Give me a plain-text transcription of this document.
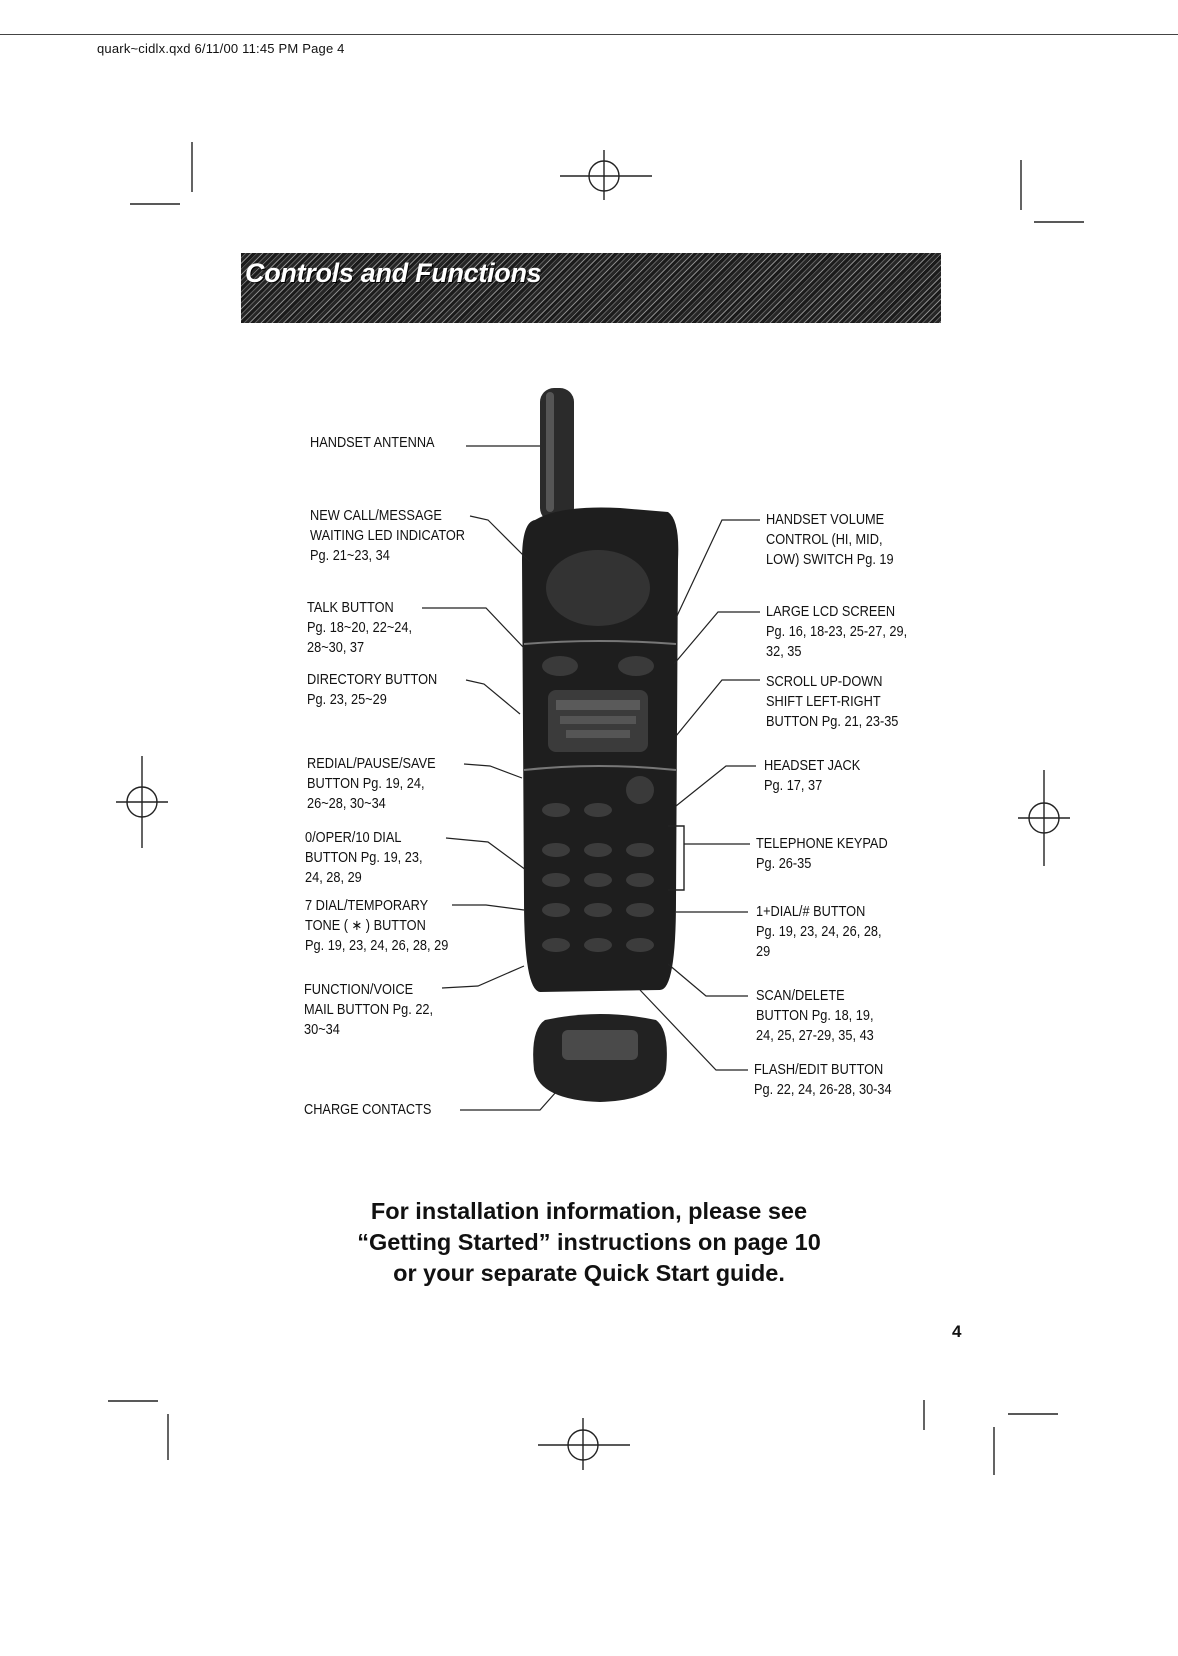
quark~cidlx.qxd 6/11/00 11:45 PM Page 4
Controls and Functions
HANDSET ANTENNA
NEW CALL/MESSAGE
WAITING LED INDICATOR
Pg. 21~23, 34
TALK BUTTON
Pg. 18~20, 22~24,
28~30, 37
DIRECTORY BUTTON
Pg. 23, 25~29
REDIAL/PAUSE/SAVE
BUTTON Pg. 19, 24,
26~28, 30~34
0/OPER/10 DIAL
BUTTON Pg. 19, 23,
24, 28, 29
7 DIAL/TEMPORARY
TONE ( ∗ ) BUTTON
Pg. 19, 23, 24, 26, 28, 29
FUNCTION/VOICE
MAIL BUTTON Pg. 22,
30~34
CHARGE CONTACTS
HANDSET VOLUME
CONTROL (HI, MID,
LOW) SWITCH Pg. 19
LARGE LCD SCREEN
Pg. 16, 18-23, 25-27, 29,
32, 35
SCROLL UP-DOWN
SHIFT LEFT-RIGHT
BUTTON Pg. 21, 23-35
HEADSET JACK
Pg. 17, 37
TELEPHONE KEYPAD
Pg. 26-35
1+DIAL/# BUTTON
Pg. 19, 23, 24, 26, 28,
29
SCAN/DELETE
BUTTON Pg. 18, 19,
24, 25, 27-29, 35, 43
FLASH/EDIT BUTTON
Pg. 22, 24, 26-28, 30-34
For installation information, please see
“Getting Started” instructions on page 10
or your separate Quick Start guide.
4
